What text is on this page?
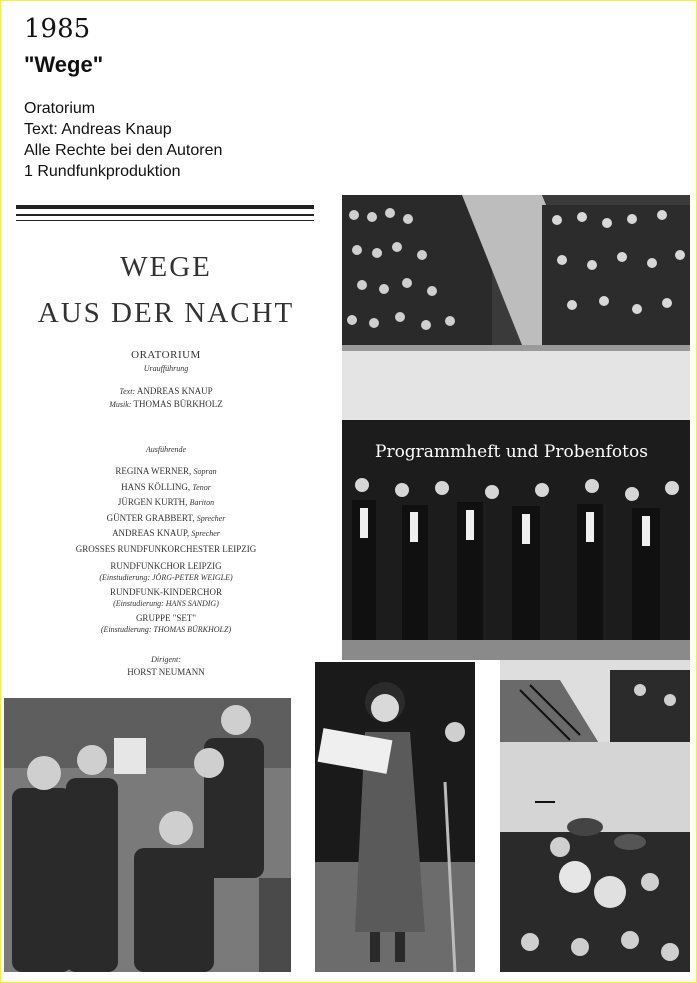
1985
"Wege"
Oratorium
Text: Andreas Knaup
Alle Rechte bei den Autoren
1 Rundfunkproduktion
WEGE
AUS DER NACHT
ORATORIUM
Uraufführung
Text: ANDREAS KNAUP
Musik: THOMAS BÜRKHOLZ
Ausführende
REGINA WERNER, Sopran
HANS KÖLLING, Tenor
JÜRGEN KURTH, Bariton
GÜNTER GRABBERT, Sprecher
ANDREAS KNAUP, Sprecher
GROSSES RUNDFUNKORCHESTER LEIPZIG
RUNDFUNKCHOR LEIPZIG
(Einstudierung: JÖRG-PETER WEIGLE)
RUNDFUNK-KINDERCHOR
(Einstudierung: HANS SANDIG)
GRUPPE "SET"
(Einstudierung: THOMAS BÜRKHOLZ)
Dirigent:
HORST NEUMANN
Programmheft und Probenfotos
